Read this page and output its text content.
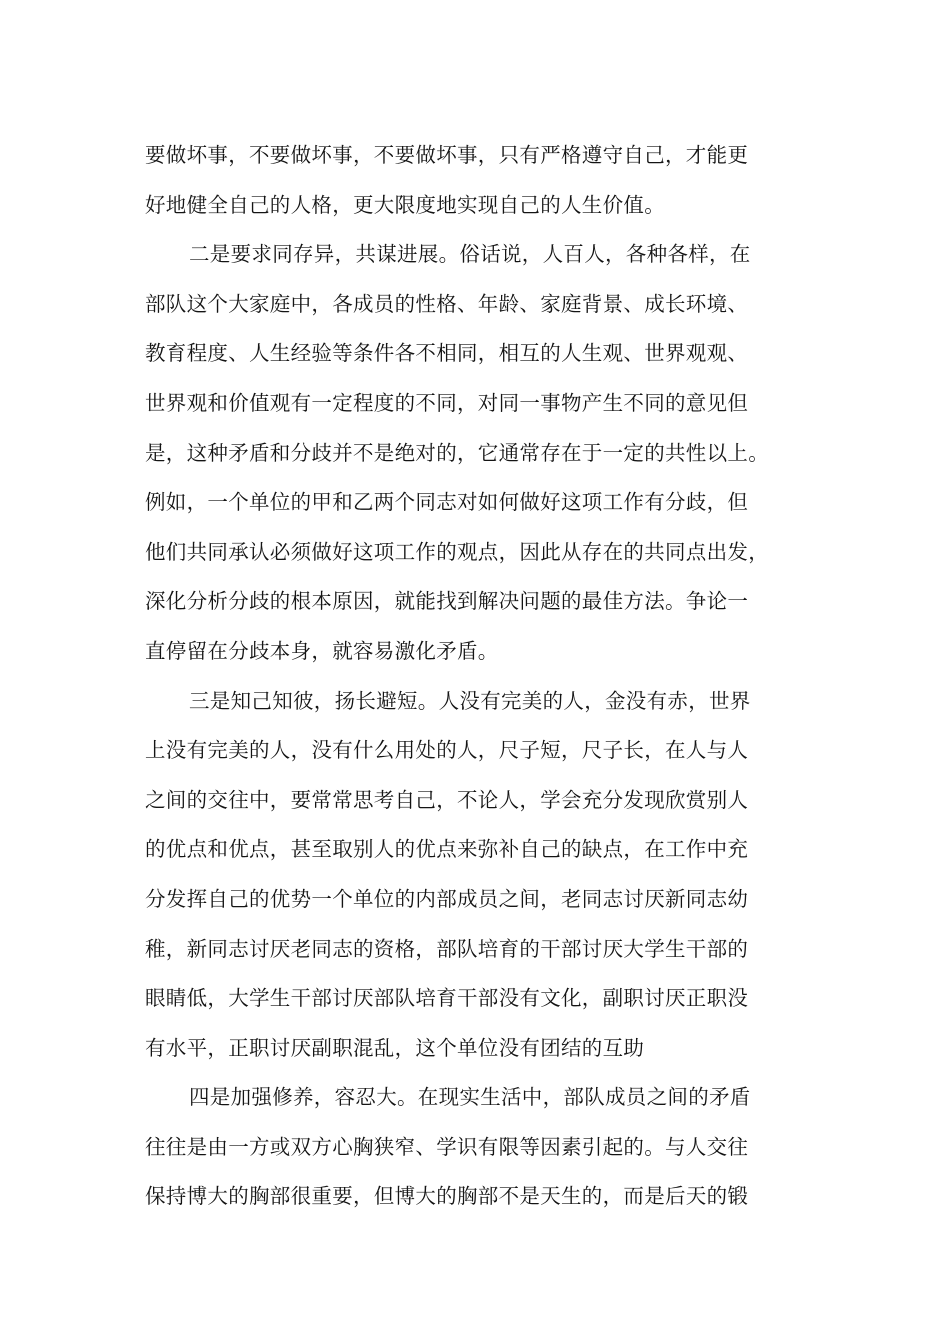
要做坏事，不要做坏事，不要做坏事，只有严格遵守自己，才能更
好地健全自己的人格，更大限度地实现自己的人生价值。
二是要求同存异，共谋进展。俗话说，人百人，各种各样，在
部队这个大家庭中，各成员的性格、年龄、家庭背景、成长环境、
教育程度、人生经验等条件各不相同，相互的人生观、世界观观、
世界观和价值观有一定程度的不同，对同一事物产生不同的意见但
是，这种矛盾和分歧并不是绝对的，它通常存在于一定的共性以上。
例如，一个单位的甲和乙两个同志对如何做好这项工作有分歧，但
他们共同承认必须做好这项工作的观点，因此从存在的共同点出发，
深化分析分歧的根本原因，就能找到解决问题的最佳方法。争论一
直停留在分歧本身，就容易激化矛盾。
三是知己知彼，扬长避短。人没有完美的人，金没有赤，世界
上没有完美的人，没有什么用处的人，尺子短，尺子长，在人与人
之间的交往中，要常常思考自己，不论人，学会充分发现欣赏别人
的优点和优点，甚至取别人的优点来弥补自己的缺点，在工作中充
分发挥自己的优势一个单位的内部成员之间，老同志讨厌新同志幼
稚，新同志讨厌老同志的资格，部队培育的干部讨厌大学生干部的
眼睛低，大学生干部讨厌部队培育干部没有文化，副职讨厌正职没
有水平，正职讨厌副职混乱，这个单位没有团结的互助
四是加强修养，容忍大。在现实生活中，部队成员之间的矛盾
往往是由一方或双方心胸狭窄、学识有限等因素引起的。与人交往
保持博大的胸部很重要，但博大的胸部不是天生的，而是后天的锻
